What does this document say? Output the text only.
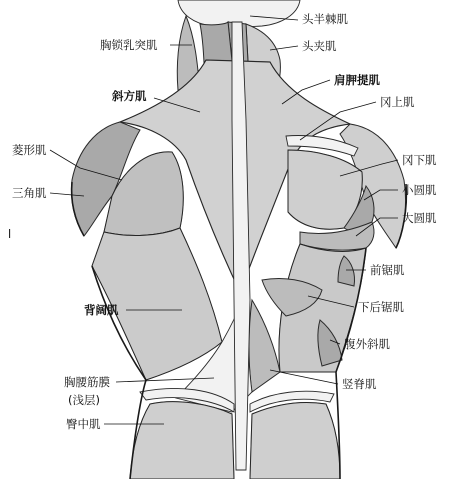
头半棘肌
头夹肌
肩胛提肌
冈上肌
冈下肌
小圆肌
大圆肌
前锯肌
下后锯肌
腹外斜肌
竖脊肌
胸锁乳突肌
斜方肌
菱形肌
三角肌
背阔肌
胸腰筋膜
(浅层)
臀中肌
l
